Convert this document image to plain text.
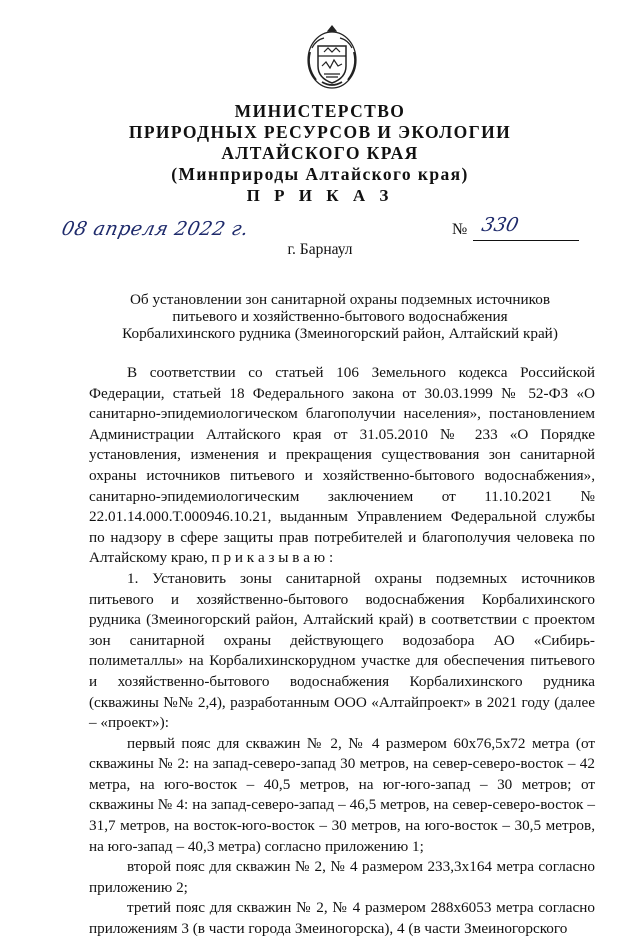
МИНИСТЕРСТВО
ПРИРОДНЫХ РЕСУРСОВ И ЭКОЛОГИИ
АЛТАЙСКОГО КРАЯ
(Минприроды Алтайского края)
П Р И К А З
08 апреля 2022 г.	№ 330
г. Барнаул
Об установлении зон санитарной охраны подземных источников питьевого и хозяйственно-бытового водоснабжения Корбалихинского рудника (Змеиногорский район, Алтайский край)

В соответствии со статьей 106 Земельного кодекса Российской Федерации, статьей 18 Федерального закона от 30.03.1999 № 52-ФЗ «О санитарно-эпидемиологическом благополучии населения», постановлением Администрации Алтайского края от 31.05.2010 № 233 «О Порядке установления, изменения и прекращения существования зон санитарной охраны источников питьевого и хозяйственно-бытового водоснабжения», санитарно-эпидемиологическим заключением от 11.10.2021 № 22.01.14.000.Т.000946.10.21, выданным Управлением Федеральной службы по надзору в сфере защиты прав потребителей и благополучия человека по Алтайскому краю, п р и к а з ы в а ю :

1. Установить зоны санитарной охраны подземных источников питьевого и хозяйственно-бытового водоснабжения Корбалихинского рудника (Змеиногорский район, Алтайский край) в соответствии с проектом зон санитарной охраны действующего водозабора АО «Сибирь-полиметаллы» на Корбалихинскорудном участке для обеспечения питьевого и хозяйственно-бытового водоснабжения Корбалихинского рудника (скважины №№ 2,4), разработанным ООО «Алтайпроект» в 2021 году (далее – «проект»):

первый пояс для скважин № 2, № 4 размером 60х76,5х72 метра (от скважины № 2: на запад-северо-запад 30 метров, на север-северо-восток – 42 метра, на юго-восток – 40,5 метров, на юг-юго-запад – 30 метров; от скважины № 4: на запад-северо-запад – 46,5 метров, на север-северо-восток – 31,7 метров, на восток-юго-восток – 30 метров, на юго-восток – 30,5 метров, на юго-запад – 40,3 метра) согласно приложению 1;

второй пояс для скважин № 2, № 4 размером 233,3х164 метра согласно приложению 2;

третий пояс для скважин № 2, № 4 размером 288х6053 метра согласно приложениям 3 (в части города Змеиногорска), 4 (в части Змеиногорского
